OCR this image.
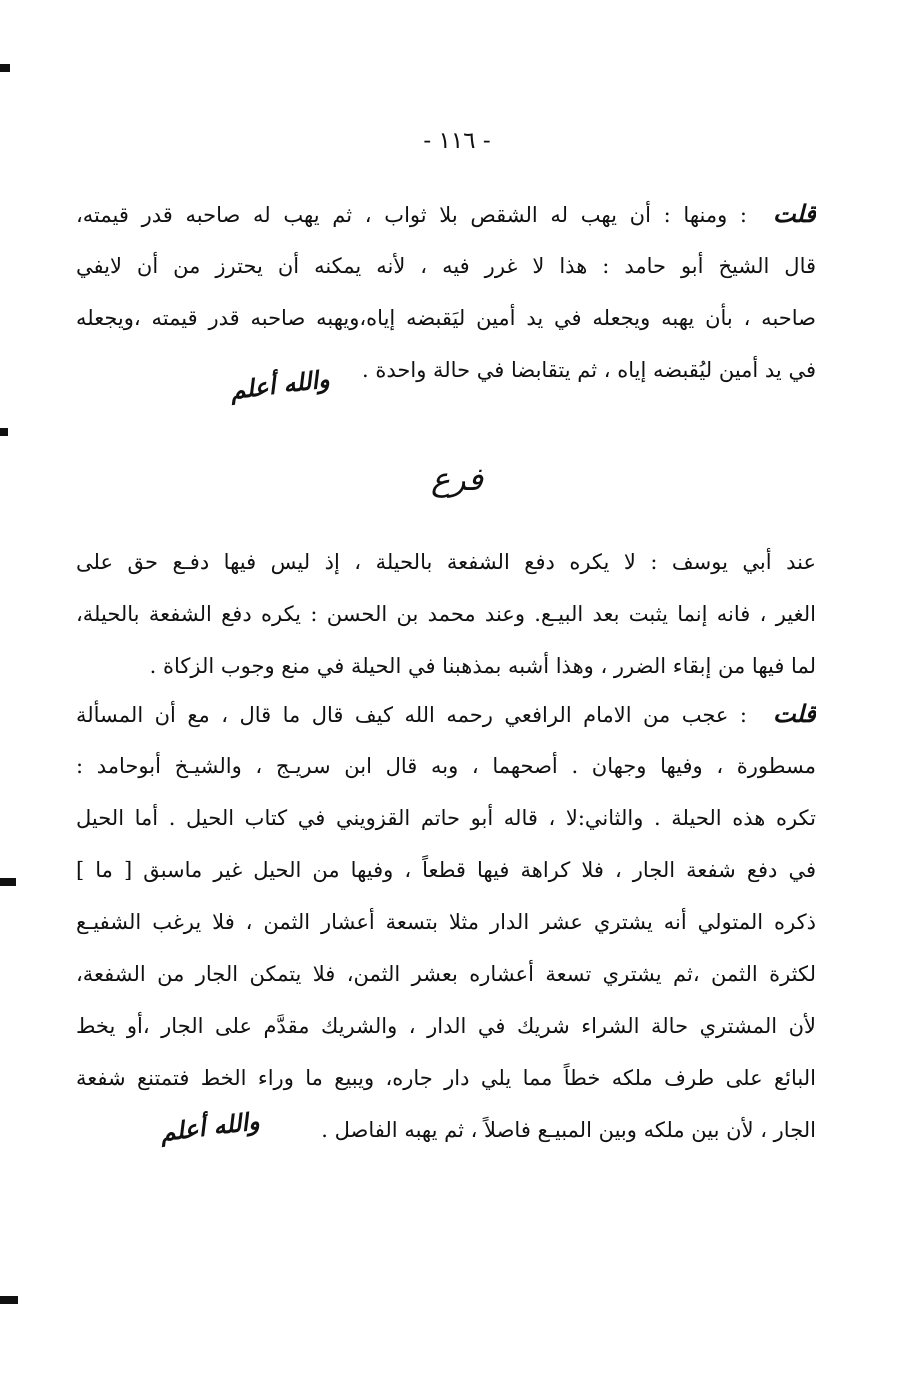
- ١١٦ -
قلت: ومنها : أن يهب له الشقص بلا ثواب ، ثم يهب له صاحبه قدر قيمته،
قال الشيخ أبو حامد : هذا لا غرر فيه ، لأنه يمكنه أن يحترز من أن لايفي
صاحبه ، بأن يهبه ويجعله في يد أمين ليَقبضه إياه،ويهبه صاحبه قدر قيمته ،ويجعله
في يد أمين ليُقبضه إياه ، ثم يتقابضا في حالة واحدة .
والله أعلم
فرع
عند أبي يوسف : لا يكره دفع الشفعة بالحيلة ، إذ ليس فيها دفـع حق على
الغير ، فانه إنما يثبت بعد البيـع. وعند محمد بن الحسن : يكره دفع الشفعة بالحيلة،
لما فيها من إبقاء الضرر ، وهذا أشبه بمذهبنا في الحيلة في منع وجوب الزكاة .
قلت: عجب من الامام الرافعي رحمه الله كيف قال ما قال ، مع أن المسألة
مسطورة ، وفيها وجهان . أصحهما ، وبه قال ابن سريـج ، والشيـخ أبوحامد :
تكره هذه الحيلة . والثاني:لا ، قاله أبو حاتم القزويني في كتاب الحيل . أما الحيل
في دفع شفعة الجار ، فلا كراهة فيها قطعاً ، وفيها من الحيل غير ماسبق [ ما ]
ذكره المتولي أنه يشتري عشر الدار مثلا بتسعة أعشار الثمن ، فلا يرغب الشفيـع
لكثرة الثمن ،ثم يشتري تسعة أعشاره بعشر الثمن، فلا يتمكن الجار من الشفعة،
لأن المشتري حالة الشراء شريك في الدار ، والشريك مقدَّم على الجار ،أو يخط
البائع على طرف ملكه خطاً مما يلي دار جاره، ويبيع ما وراء الخط فتمتنع شفعة
الجار ، لأن بين ملكه وبين المبيـع فاصلاً ، ثم يهبه الفاصل .
والله أعلم
